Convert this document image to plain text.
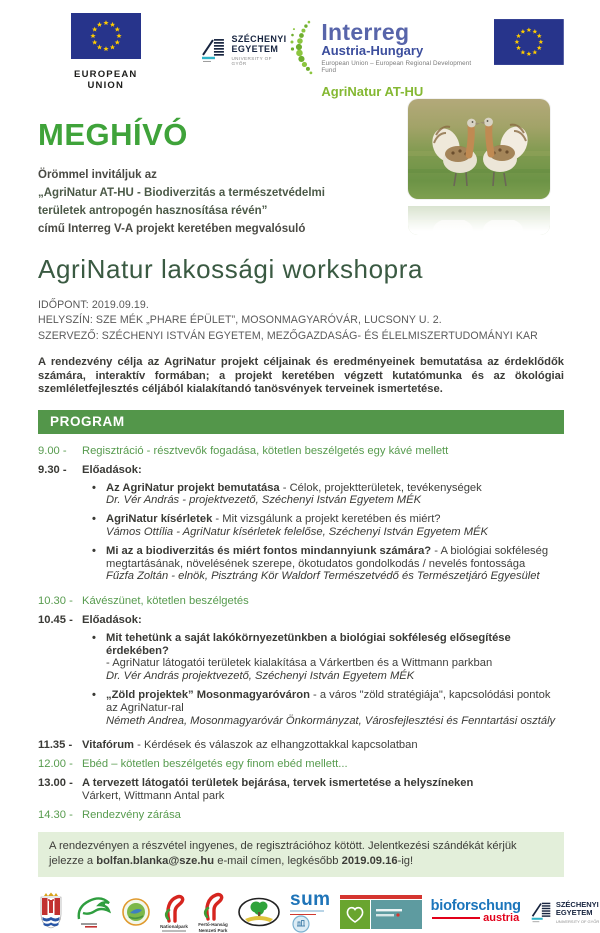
EUROPEAN UNION
SZÉCHENYI
EGYETEM
UNIVERSITY OF GYŐR
Interreg
Austria-Hungary
European Union – European Regional Development Fund
AgriNatur AT-HU
MEGHÍVÓ
Örömmel invitáljuk az
„AgriNatur AT-HU - Biodiverzitás a természetvédelmi
területek antropogén hasznosítása révén”
című Interreg V-A projekt keretében megvalósuló
AgriNatur lakossági workshopra
IDŐPONT: 2019.09.19.
HELYSZÍN: SZE MÉK „PHARE ÉPÜLET”, MOSONMAGYARÓVÁR, LUCSONY U. 2.
SZERVEZŐ: SZÉCHENYI ISTVÁN EGYETEM, MEZŐGAZDASÁG- ÉS ÉLELMISZERTUDOMÁNYI KAR

A rendezvény célja az AgriNatur projekt céljainak és eredményeinek bemutatása az érdeklődők számára, interaktív formában; a projekt keretében végzett kutatómunka és az ökológiai szemléletfejlesztés céljából kialakítandó tanösvények terveinek ismertetése.

PROGRAM
9.00 -	Regisztráció - résztvevők fogadása, kötetlen beszélgetés egy kávé mellett
9.30 -	Előadások:
• Az AgriNatur projekt bemutatása - Célok, projektterületek, tevékenységek
Dr. Vér András - projektvezető, Széchenyi István Egyetem MÉK
• AgriNatur kísérletek - Mit vizsgálunk a projekt keretében és miért?
Vámos Ottília - AgriNatur kísérletek felelőse, Széchenyi István Egyetem MÉK
• Mi az a biodiverzitás és miért fontos mindannyiunk számára? - A biológiai sokféleség megtartásának, növelésének szerepe, ökotudatos gondolkodás / nevelés fontossága
Fűzfa Zoltán - elnök, Pisztráng Kör Waldorf Természetvédő és Természetjáró Egyesület
10.30 - Kávészünet, kötetlen beszélgetés
10.45 - Előadások:
• Mit tehetünk a saját lakókörnyezetünkben a biológiai sokféleség elősegítése érdekében?
- AgriNatur látogatói területek kialakítása a Várkertben és a Wittmann parkban
Dr. Vér András projektvezető, Széchenyi István Egyetem MÉK
• „Zöld projektek” Mosonmagyaróváron - a város "zöld stratégiája", kapcsolódási pontok az AgriNatur-ral
Németh Andrea, Mosonmagyaróvár Önkormányzat, Városfejlesztési és Fenntartási osztály
11.35 - Vitafórum - Kérdések és válaszok az elhangzottakkal kapcsolatban
12.00 - Ebéd – kötetlen beszélgetés egy finom ebéd mellett...
13.00 - A tervezett látogatói területek bejárása, tervek ismertetése a helyszíneken
Várkert, Wittmann Antal park
14.30 - Rendezvény zárása
A rendezvényen a részvétel ingyenes, de regisztrációhoz kötött. Jelentkezési szándékát kérjük jelezze a bolfan.blanka@sze.hu e-mail címen, legkésőbb 2019.09.16-ig!
Nationalpark Fertő-Hanság
Nemzeti Park
sum	bioforschung
austria
SZÉCHENYI
EGYETEM
UNIVERSITY OF GYŐR
